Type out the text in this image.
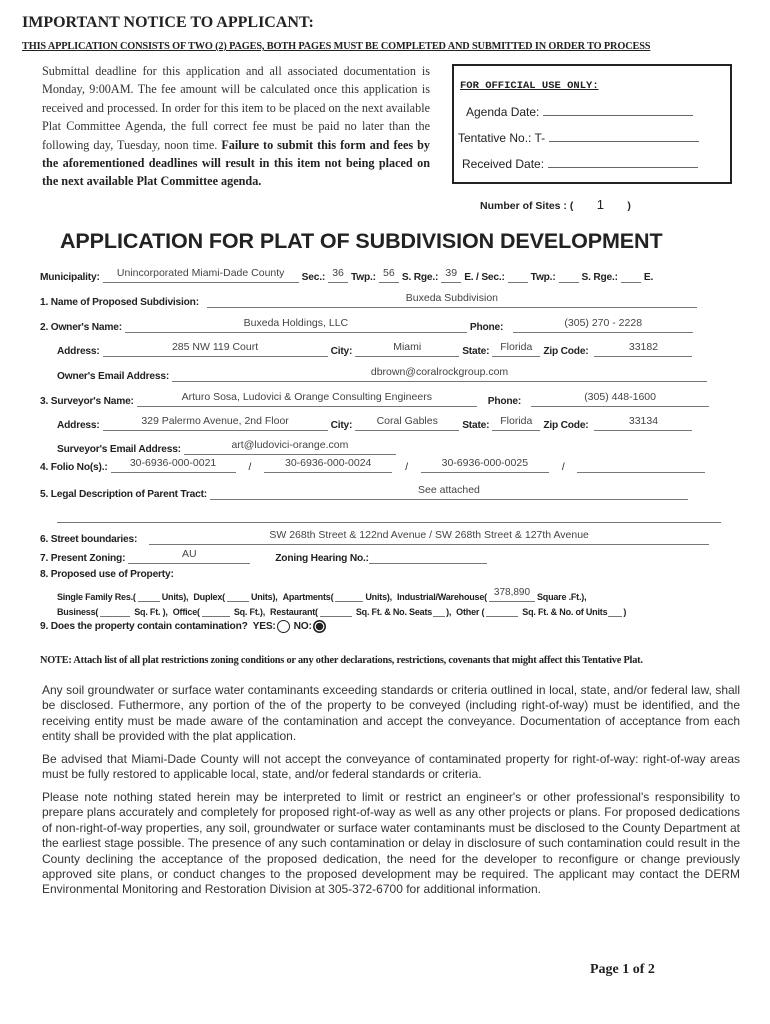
IMPORTANT NOTICE TO APPLICANT:
THIS APPLICATION CONSISTS OF TWO (2) PAGES, BOTH PAGES MUST BE COMPLETED AND SUBMITTED IN ORDER TO PROCESS
Submittal deadline for this application and all associated documentation is Monday, 9:00AM. The fee amount will be calculated once this application is received and processed. In order for this item to be placed on the next available Plat Committee Agenda, the full correct fee must be paid no later than the following day, Tuesday, noon time. Failure to submit this form and fees by the aforementioned deadlines will result in this item not being placed on the next available Plat Committee agenda.
FOR OFFICIAL USE ONLY:
Agenda Date:
Tentative No.: T-
Received Date:
Number of Sites : ( 1 )
APPLICATION FOR PLAT OF SUBDIVISION DEVELOPMENT
Municipality:	Unincorporated Miami-Dade County	Sec.: 36 Twp.: 56 S. Rge.: 39 E. / Sec.:	Twp.:	S. Rge.:	E.
1. Name of Proposed Subdivision:	Buxeda Subdivision
2. Owner's Name:	Buxeda Holdings, LLC	Phone:	(305) 270 - 2228
Address:	285 NW 119 Court	City:	Miami	State:	Florida	Zip Code:	33182
Owner's Email Address:	dbrown@coralrockgroup.com
3. Surveyor's Name:	Arturo Sosa, Ludovici & Orange Consulting Engineers	Phone:	(305) 448-1600
Address:	329 Palermo Avenue, 2nd Floor	City:	Coral Gables	State:	Florida	Zip Code:	33134
Surveyor's Email Address:	art@ludovici-orange.com
4. Folio No(s).:	30-6936-000-0021	/	30-6936-000-0024	/	30-6936-000-0025	/
5. Legal Description of Parent Tract:	See attached
6. Street boundaries:	SW 268th Street & 122nd Avenue / SW 268th Street & 127th Avenue
7. Present Zoning:	AU	Zoning Hearing No.:
8. Proposed use of Property:
Single Family Res.(	Units), Duplex(	Units), Apartments(	Units), Industrial/Warehouse( 378,890 Square .Ft.),
Business(	Sq. Ft. ), Office(	Sq. Ft.), Restaurant(	Sq. Ft. & No. Seats ), Other (	Sq. Ft. & No. of Units )
9. Does the property contain contamination? YES: NO:
NOTE: Attach list of all plat restrictions zoning conditions or any other declarations, restrictions, covenants that might affect this Tentative Plat.
Any soil groundwater or surface water contaminants exceeding standards or criteria outlined in local, state, and/or federal law, shall be disclosed. Futhermore, any portion of the of the property to be conveyed (including right-of-way) must be identified, and the receiving entity must be made aware of the contamination and accept the conveyance. Documentation of acceptance from each entity shall be provided with the plat application.
Be advised that Miami-Dade County will not accept the conveyance of contaminated property for right-of-way: right-of-way areas must be fully restored to applicable local, state, and/or federal standards or criteria.
Please note nothing stated herein may be interpreted to limit or restrict an engineer's or other professional's responsibility to prepare plans accurately and completely for proposed right-of-way as well as any other projects or plans. For proposed dedications of non-right-of-way properties, any soil, groundwater or surface water contaminants must be disclosed to the County Department at the earliest stage possible. The presence of any such contamination or delay in disclosure of such contamination could result in the County declining the acceptance of the proposed dedication, the need for the developer to reconfigure or change previously approved site plans, or conduct changes to the proposed development may be required. The applicant may contact the DERM Environmental Monitoring and Restoration Division at 305-372-6700 for additional information.
Page 1 of 2
